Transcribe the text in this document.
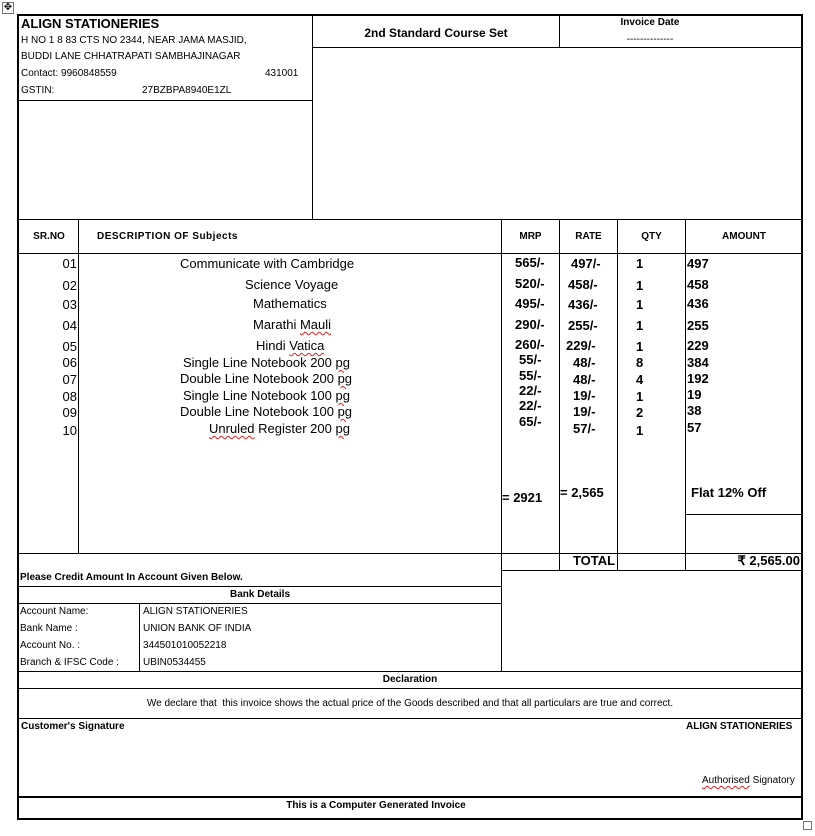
✥
ALIGN STATIONERIES
H NO 1 8 83 CTS NO 2344, NEAR JAMA MASJID,
BUDDI LANE CHHATRAPATI SAMBHAJINAGAR
Contact: 9960848559	431001
GSTIN:	27BZBPA8940E1ZL
2nd Standard Course Set
Invoice Date
--------------
SR.NO	DESCRIPTION OF Subjects	MRP	RATE	QTY	AMOUNT
01	Communicate with Cambridge	565/- 497/-	1	497
02	Science Voyage	520/- 458/-	1	458
03	Mathematics	495/- 436/-	1	436
04	Marathi Mauli	290/- 255/-	1	255
05	Hindi Vatica	260/- 229/-	1	229
06	Single Line Notebook 200 pg	55/- 48/-	8	384
07	Double Line Notebook 200 pg	55/- 48/-	4	192
08	Single Line Notebook 100 pg	22/- 19/-	1	19
09	Double Line Notebook 100 pg	22/- 19/-	2	38
10	Unruled Register 200 pg	65/- 57/-	1	57
= 2921 = 2,565	Flat 12% Off
TOTAL	₹ 2,565.00
Please Credit Amount In Account Given Below.
Bank Details
Account Name:	ALIGN STATIONERIES
Bank Name :	UNION BANK OF INDIA
Account No. :	344501010052218
Branch & IFSC Code : UBIN0534455
Declaration
We declare that  this invoice shows the actual price of the Goods described and that all particulars are true and correct.
Customer's Signature	ALIGN STATIONERIES
Authorised Signatory
This is a Computer Generated Invoice
